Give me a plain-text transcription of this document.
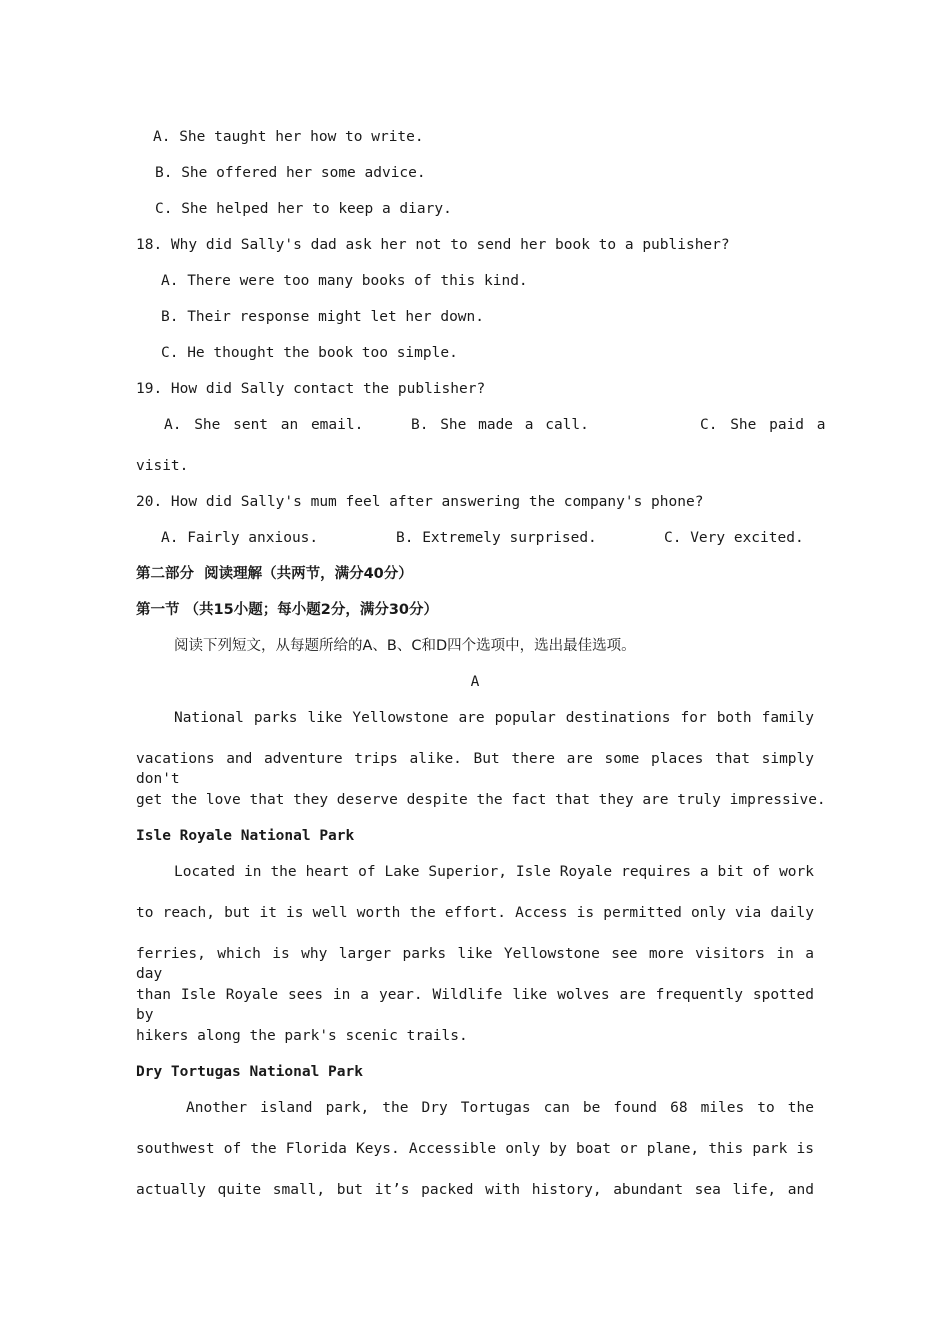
A. She taught her how to write.
B. She offered her some advice.
C. She helped her to keep a diary.
18. Why did Sally's dad ask her not to send her book to a publisher?
A. There were too many books of this kind.
B. Their response might let her down.
C. He thought the book too simple.
19. How did Sally contact the publisher?
A. She sent an email.	B. She made a call.	C. She paid a
visit.
20. How did Sally's mum feel after answering the company's phone?
A. Fairly anxious.	B. Extremely surprised.	C. Very excited.
第二部分  阅读理解（共两节，满分40分）
第一节 （共15小题；每小题2分，满分30分）
阅读下列短文，从每题所给的A、B、C和D四个选项中，选出最佳选项。
A
National parks like Yellowstone are popular destinations for both family
vacations and adventure trips alike. But there are some places that simply don't
get the love that they deserve despite the fact that they are truly impressive.
Isle Royale National Park
Located in the heart of Lake Superior, Isle Royale requires a bit of work
to reach, but it is well worth the effort. Access is permitted only via daily
ferries, which is why larger parks like Yellowstone see more visitors in a day
than Isle Royale sees in a year. Wildlife like wolves are frequently spotted by
hikers along the park's scenic trails.
Dry Tortugas National Park
Another island park, the Dry Tortugas can be found 68 miles to the
southwest of the Florida Keys. Accessible only by boat or plane, this park is
actually quite small, but it’s packed with history, abundant sea life, and
